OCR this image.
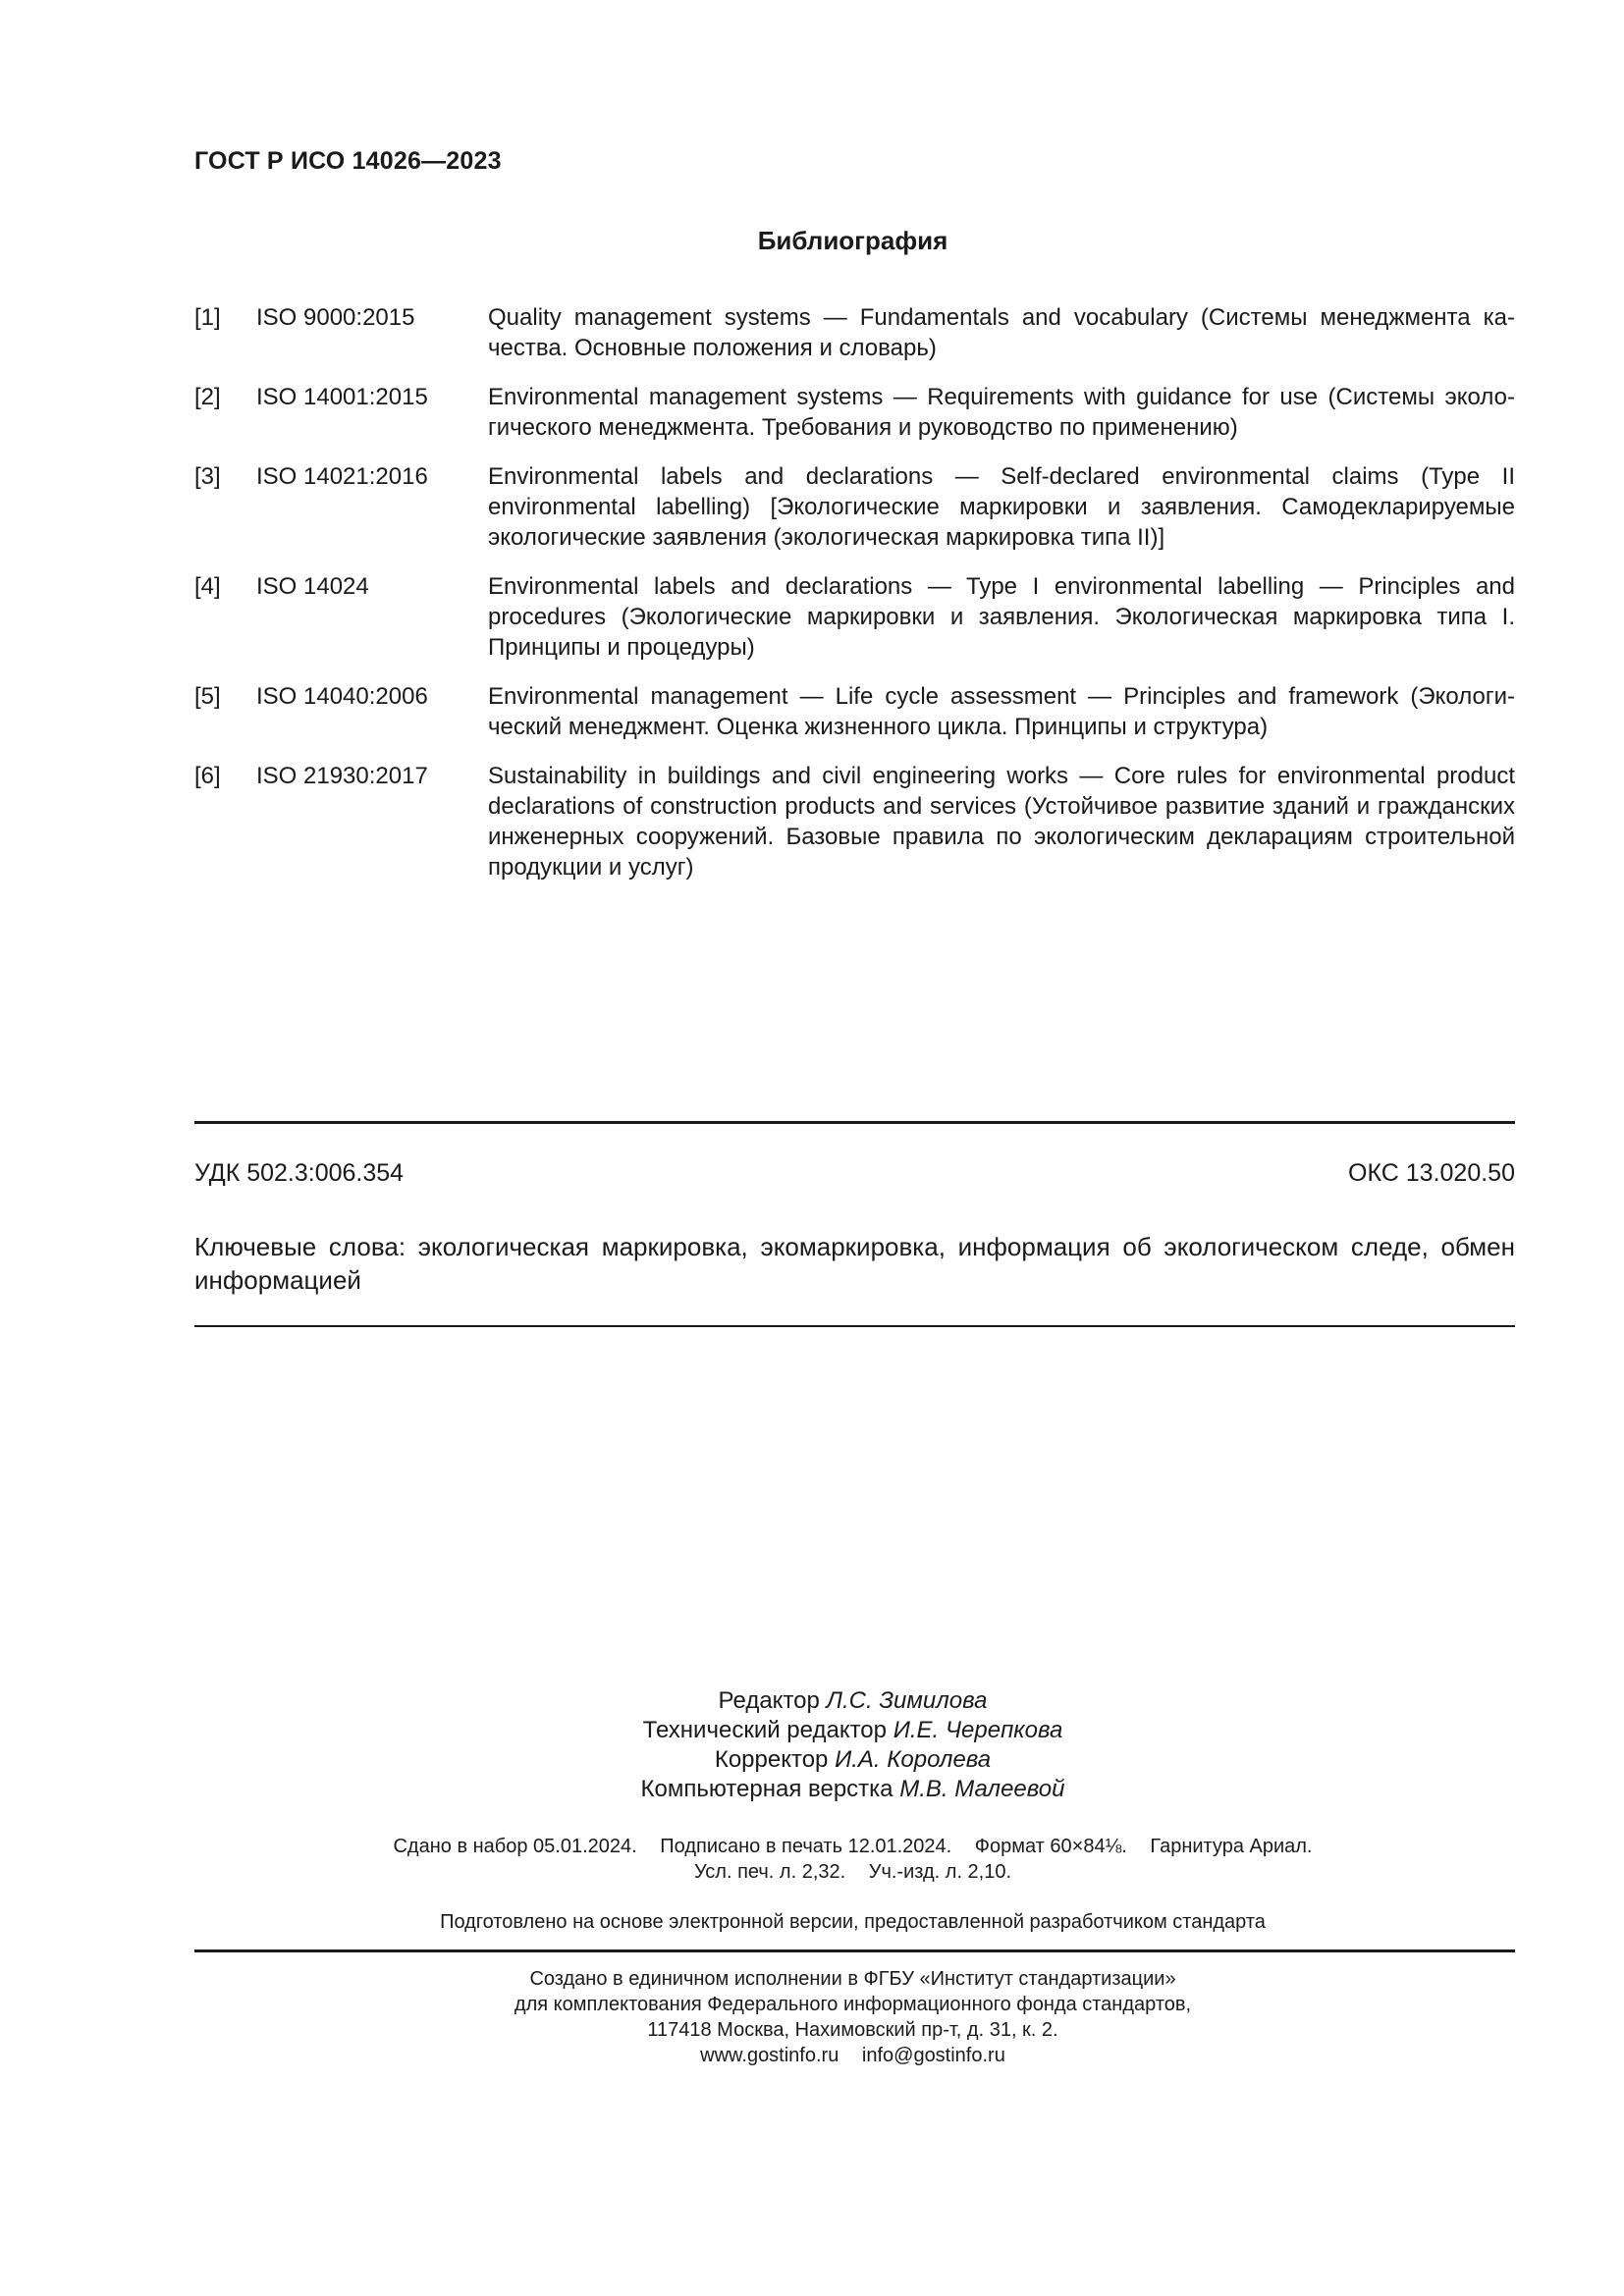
ГОСТ Р ИСО 14026—2023
Библиография
[1]	ISO 9000:2015	Quality management systems — Fundamentals and vocabulary (Системы менеджмента качества. Основные положения и словарь)
[2]	ISO 14001:2015	Environmental management systems — Requirements with guidance for use (Системы экологического менеджмента. Требования и руководство по применению)
[3]	ISO 14021:2016	Environmental labels and declarations — Self-declared environmental claims (Type II environmental labelling) [Экологические маркировки и заявления. Самодекларируемые экологические заявления (экологическая маркировка типа II)]
[4]	ISO 14024	Environmental labels and declarations — Type I environmental labelling — Principles and procedures (Экологические маркировки и заявления. Экологическая маркировка типа I. Принципы и процедуры)
[5]	ISO 14040:2006	Environmental management — Life cycle assessment — Principles and framework (Экологический менеджмент. Оценка жизненного цикла. Принципы и структура)
[6]	ISO 21930:2017	Sustainability in buildings and civil engineering works — Core rules for environmental product declarations of construction products and services (Устойчивое развитие зданий и гражданских инженерных сооружений. Базовые правила по экологическим декларациям строительной продукции и услуг)
УДК 502.3:006.354	ОКС 13.020.50
Ключевые слова: экологическая маркировка, экомаркировка, информация об экологическом следе, обмен информацией
Редактор Л.С. Зимилова
Технический редактор И.Е. Черепкова
Корректор И.А. Королева
Компьютерная верстка М.В. Малеевой
Сдано в набор 05.01.2024. Подписано в печать 12.01.2024. Формат 60×84⅛. Гарнитура Ариал.
Усл. печ. л. 2,32. Уч.-изд. л. 2,10.
Подготовлено на основе электронной версии, предоставленной разработчиком стандарта
Создано в единичном исполнении в ФГБУ «Институт стандартизации»
для комплектования Федерального информационного фонда стандартов,
117418 Москва, Нахимовский пр-т, д. 31, к. 2.
www.gostinfo.ru info@gostinfo.ru
